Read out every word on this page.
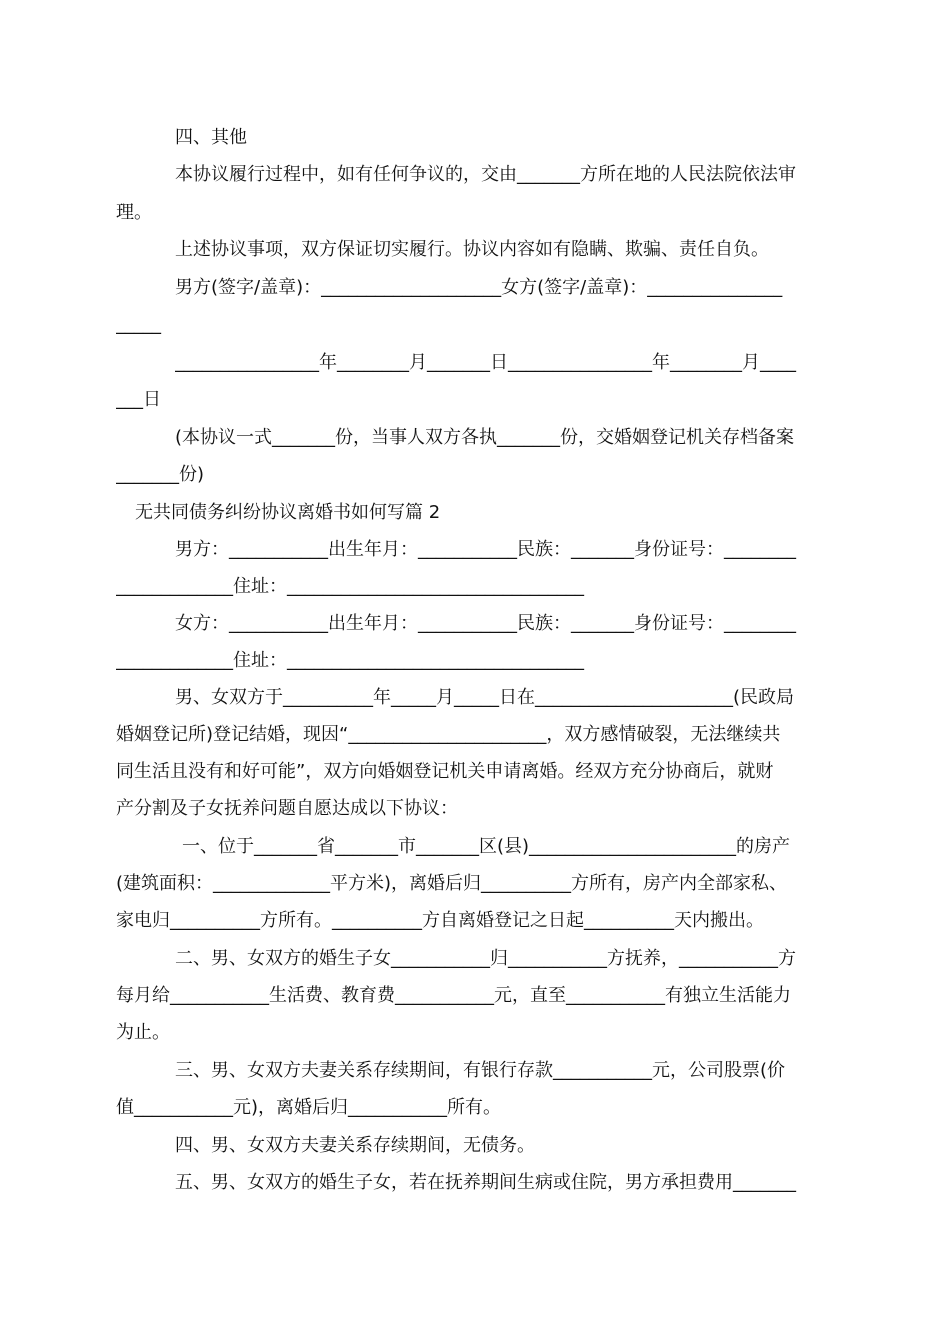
四、其他
本协议履行过程中，如有任何争议的，交由_______方所在地的人民法院依法审
理。
上述协议事项，双方保证切实履行。协议内容如有隐瞒、欺骗、责任自负。
男方(签字/盖章)：____________________女方(签字/盖章)：_______________
_____
________________年________月_______日________________年________月____
___日
(本协议一式_______份，当事人双方各执_______份，交婚姻登记机关存档备案
_______份)
无共同债务纠纷协议离婚书如何写篇 2
男方：___________出生年月：___________民族：_______身份证号：________
_____________住址：_________________________________
女方：___________出生年月：___________民族：_______身份证号：________
_____________住址：_________________________________
男、女双方于__________年_____月_____日在______________________(民政局
婚姻登记所)登记结婚，现因“______________________，双方感情破裂，无法继续共
同生活且没有和好可能”，双方向婚姻登记机关申请离婚。经双方充分协商后，就财
产分割及子女抚养问题自愿达成以下协议：
一、位于_______省_______市_______区(县)_______________________的房产
(建筑面积：_____________平方米)，离婚后归__________方所有，房产内全部家私、
家电归__________方所有。__________方自离婚登记之日起__________天内搬出。
二、男、女双方的婚生子女___________归___________方抚养，___________方
每月给___________生活费、教育费___________元，直至___________有独立生活能力
为止。
三、男、女双方夫妻关系存续期间，有银行存款___________元，公司股票(价
值___________元)，离婚后归___________所有。
四、男、女双方夫妻关系存续期间，无债务。
五、男、女双方的婚生子女，若在抚养期间生病或住院，男方承担费用_______
